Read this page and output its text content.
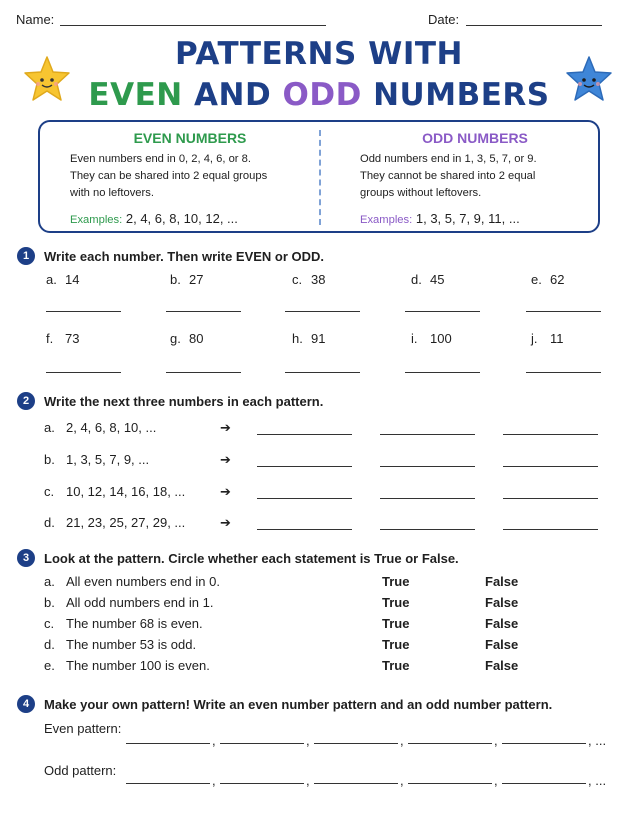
Name:	Date:
PATTERNS WITH
EVEN AND ODD NUMBERS
EVEN NUMBERS
Even numbers end in 0, 2, 4, 6, or 8.
They can be shared into 2 equal groups
with no leftovers.
Examples: 2, 4, 6, 8, 10, 12, ...
ODD NUMBERS
Odd numbers end in 1, 3, 5, 7, or 9.
They cannot be shared into 2 equal
groups without leftovers.
Examples: 1, 3, 5, 7, 9, 11, ...
1	Write each number. Then write EVEN or ODD.
a. 14	b. 27	c. 38	d. 45	e. 62
f. 73	g. 80	h. 91	i. 100	j. 11
2	Write the next three numbers in each pattern.
a. 2, 4, 6, 8, 10, ...
b. 1, 3, 5, 7, 9, ...
c. 10, 12, 14, 16, 18, ...
d. 21, 23, 25, 27, 29, ...
➔
➔
➔
➔
3	Look at the pattern. Circle whether each statement is True or False.
a. All even numbers end in 0.	True	False
b. All odd numbers end in 1.	True	False
c. The number 68 is even.	True	False
d. The number 53 is odd.	True	False
e. The number 100 is even.	True	False
4	Make your own pattern! Write an even number pattern and an odd number pattern.
Even pattern:
,	,	,	,	, ...
Odd pattern:
,	,	,	,	, ...
